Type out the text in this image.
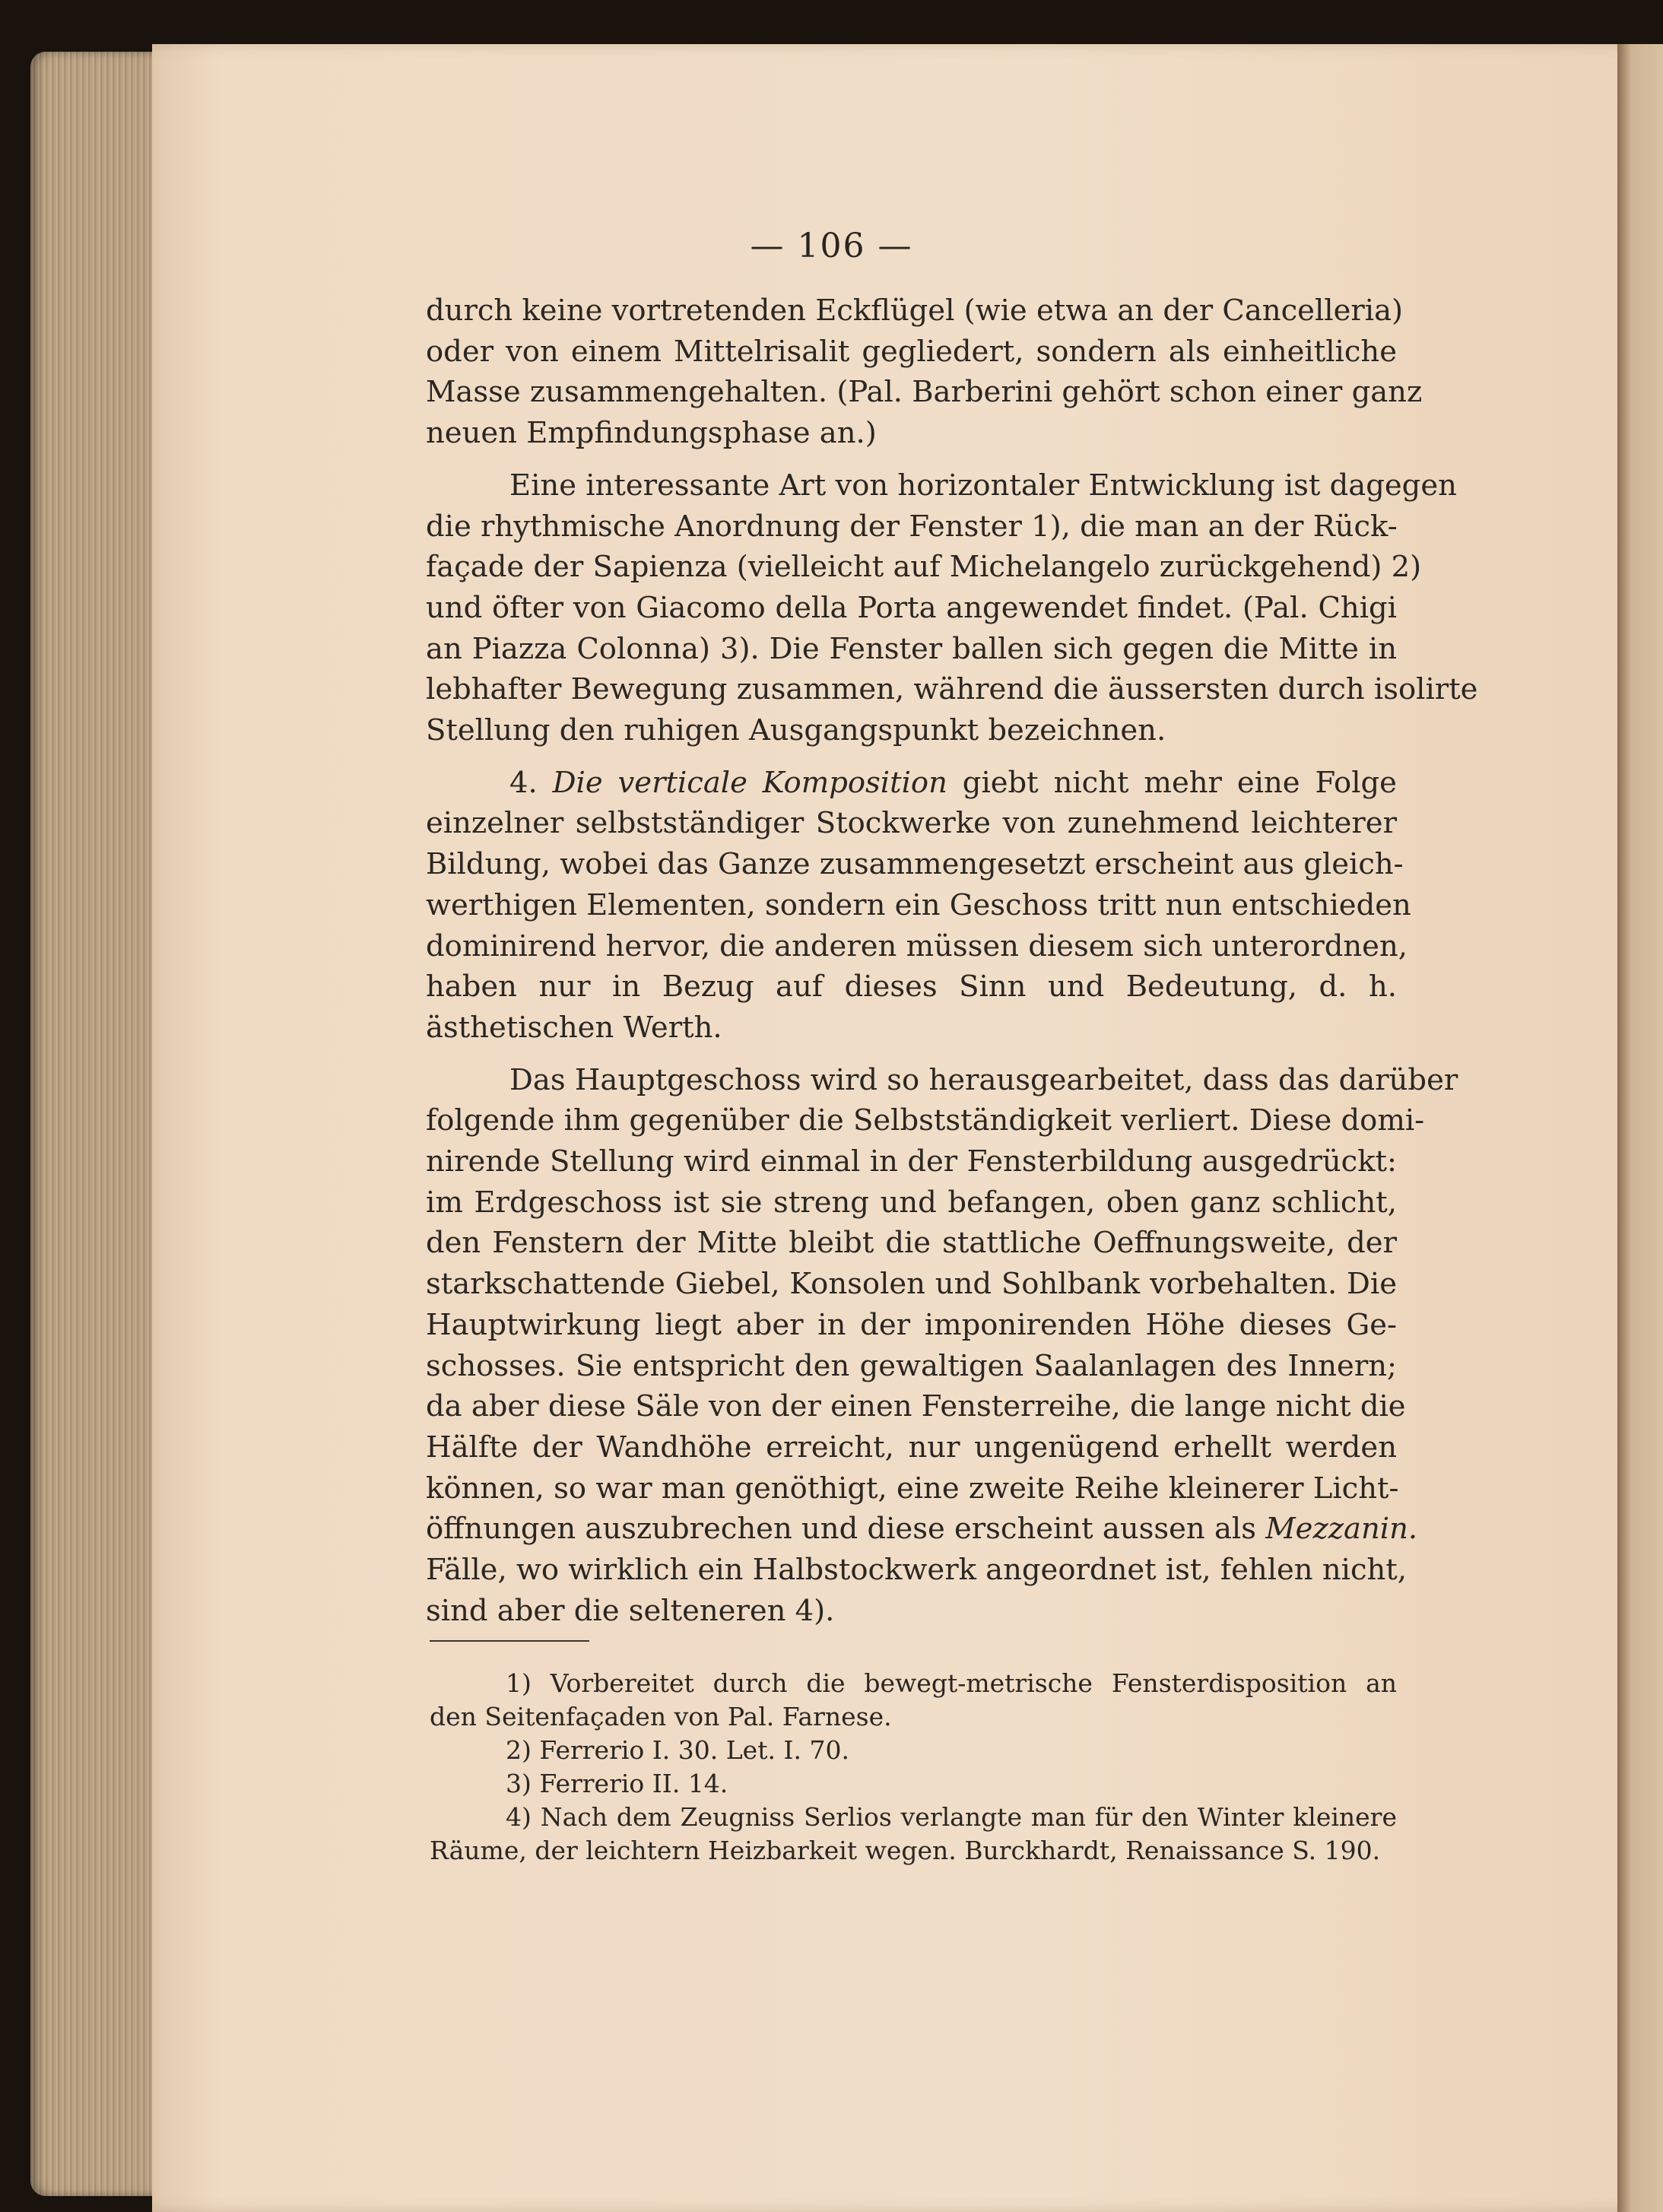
— 106 —
durch keine vortretenden Eckflügel (wie etwa an der Cancelleria)
oder von einem Mittelrisalit gegliedert, sondern als einheitliche
Masse zusammengehalten. (Pal. Barberini gehört schon einer ganz
neuen Empfindungsphase an.)
Eine interessante Art von horizontaler Entwicklung ist dagegen
die rhythmische Anordnung der Fenster 1), die man an der Rück-
façade der Sapienza (vielleicht auf Michelangelo zurückgehend) 2)
und öfter von Giacomo della Porta angewendet findet. (Pal. Chigi
an Piazza Colonna) 3). Die Fenster ballen sich gegen die Mitte in
lebhafter Bewegung zusammen, während die äussersten durch isolirte
Stellung den ruhigen Ausgangspunkt bezeichnen.
4. Die verticale Komposition giebt nicht mehr eine Folge
einzelner selbstständiger Stockwerke von zunehmend leichterer
Bildung, wobei das Ganze zusammengesetzt erscheint aus gleich-
werthigen Elementen, sondern ein Geschoss tritt nun entschieden
dominirend hervor, die anderen müssen diesem sich unterordnen,
haben nur in Bezug auf dieses Sinn und Bedeutung, d. h.
ästhetischen Werth.
Das Hauptgeschoss wird so herausgearbeitet, dass das darüber
folgende ihm gegenüber die Selbstständigkeit verliert. Diese domi-
nirende Stellung wird einmal in der Fensterbildung ausgedrückt:
im Erdgeschoss ist sie streng und befangen, oben ganz schlicht,
den Fenstern der Mitte bleibt die stattliche Oeffnungsweite, der
starkschattende Giebel, Konsolen und Sohlbank vorbehalten. Die
Hauptwirkung liegt aber in der imponirenden Höhe dieses Ge-
schosses. Sie entspricht den gewaltigen Saalanlagen des Innern;
da aber diese Säle von der einen Fensterreihe, die lange nicht die
Hälfte der Wandhöhe erreicht, nur ungenügend erhellt werden
können, so war man genöthigt, eine zweite Reihe kleinerer Licht-
öffnungen auszubrechen und diese erscheint aussen als Mezzanin.
Fälle, wo wirklich ein Halbstockwerk angeordnet ist, fehlen nicht,
sind aber die selteneren 4).
1) Vorbereitet durch die bewegt-metrische Fensterdisposition an
den Seitenfaçaden von Pal. Farnese.
2) Ferrerio I. 30. Let. I. 70.
3) Ferrerio II. 14.
4) Nach dem Zeugniss Serlios verlangte man für den Winter kleinere
Räume, der leichtern Heizbarkeit wegen. Burckhardt, Renaissance S. 190.
